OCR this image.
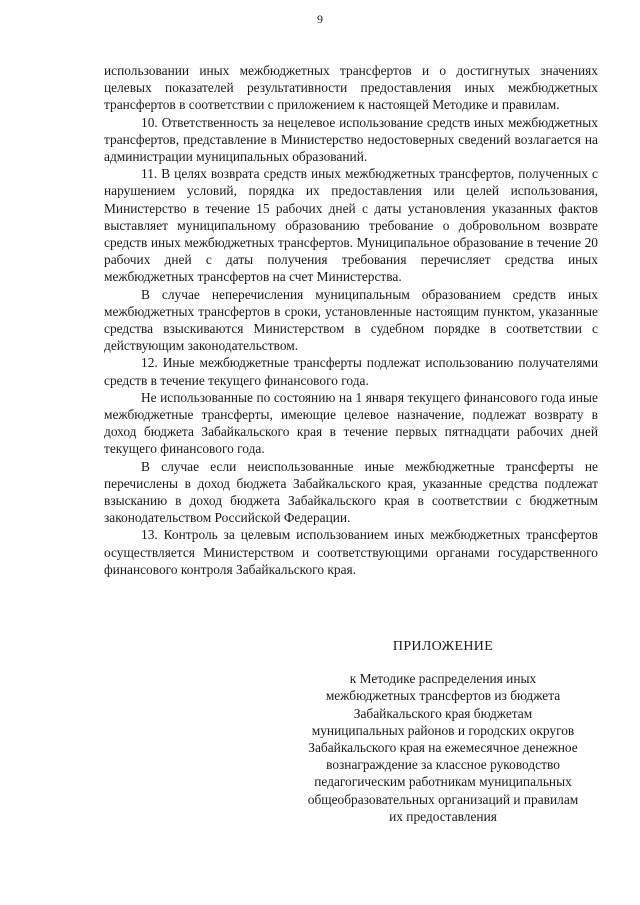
9

использовании иных межбюджетных трансфертов и о достигнутых значениях целевых показателей результативности предоставления иных межбюджетных трансфертов в соответствии с приложением к настоящей Методике и правилам.

10. Ответственность за нецелевое использование средств иных межбюджетных трансфертов, представление в Министерство недостоверных сведений возлагается на администрации муниципальных образований.

11. В целях возврата средств иных межбюджетных трансфертов, полученных с нарушением условий, порядка их предоставления или целей использования, Министерство в течение 15 рабочих дней с даты установления указанных фактов выставляет муниципальному образованию требование о добровольном возврате средств иных межбюджетных трансфертов. Муниципальное образование в течение 20 рабочих дней с даты получения требования перечисляет средства иных межбюджетных трансфертов на счет Министерства.

В случае неперечисления муниципальным образованием средств иных межбюджетных трансфертов в сроки, установленные настоящим пунктом, указанные средства взыскиваются Министерством в судебном порядке в соответствии с действующим законодательством.

12. Иные межбюджетные трансферты подлежат использованию получателями средств в течение текущего финансового года.

Не использованные по состоянию на 1 января текущего финансового года иные межбюджетные трансферты, имеющие целевое назначение, подлежат возврату в доход бюджета Забайкальского края в течение первых пятнадцати рабочих дней текущего финансового года.

В случае если неиспользованные иные межбюджетные трансферты не перечислены в доход бюджета Забайкальского края, указанные средства подлежат взысканию в доход бюджета Забайкальского края в соответствии с бюджетным законодательством Российской Федерации.

13. Контроль за целевым использованием иных межбюджетных трансфертов осуществляется Министерством и соответствующими органами государственного финансового контроля Забайкальского края.

ПРИЛОЖЕНИЕ
к Методике распределения иных
межбюджетных трансфертов из бюджета
Забайкальского края бюджетам
муниципальных районов и городских округов
Забайкальского края на ежемесячное денежное
вознаграждение за классное руководство
педагогическим работникам муниципальных
общеобразовательных организаций и правилам
их предоставления
